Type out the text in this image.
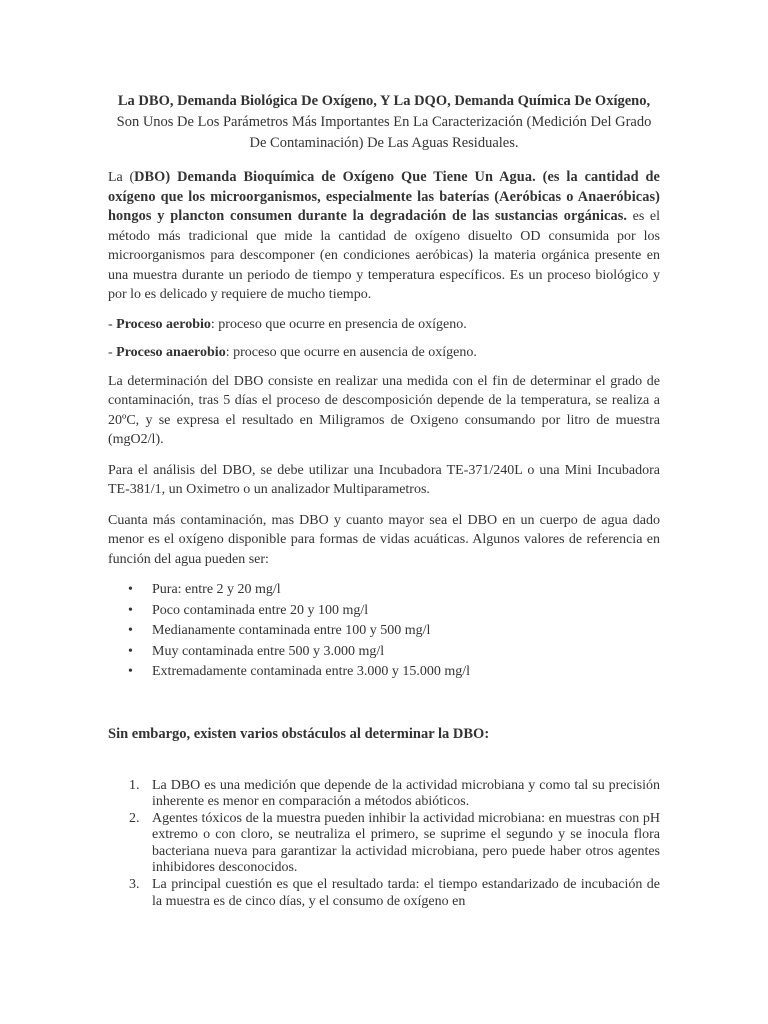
La DBO, Demanda Biológica De Oxígeno, Y La DQO, Demanda Química De Oxígeno,
Son Unos De Los Parámetros Más Importantes En La Caracterización (Medición Del Grado De Contaminación) De Las Aguas Residuales.

La (DBO) Demanda Bioquímica de Oxígeno Que Tiene Un Agua. (es la cantidad de oxígeno que los microorganismos, especialmente las baterías (Aeróbicas o Anaeróbicas) hongos y plancton consumen durante la degradación de las sustancias orgánicas. es el método más tradicional que mide la cantidad de oxígeno disuelto OD consumida por los microorganismos para descomponer (en condiciones aeróbicas) la materia orgánica presente en una muestra durante un periodo de tiempo y temperatura específicos. Es un proceso biológico y por lo es delicado y requiere de mucho tiempo.

- Proceso aerobio: proceso que ocurre en presencia de oxígeno.

- Proceso anaerobio: proceso que ocurre en ausencia de oxígeno.

La determinación del DBO consiste en realizar una medida con el fin de determinar el grado de contaminación, tras 5 días el proceso de descomposición depende de la temperatura, se realiza a 20ºC, y se expresa el resultado en Miligramos de Oxigeno consumando por litro de muestra (mgO2/l).

Para el análisis del DBO, se debe utilizar una Incubadora TE-371/240L o una Mini Incubadora TE-381/1, un Oximetro o un analizador Multiparametros.

Cuanta más contaminación, mas DBO y cuanto mayor sea el DBO en un cuerpo de agua dado menor es el oxígeno disponible para formas de vidas acuáticas. Algunos valores de referencia en función del agua pueden ser:

• Pura: entre 2 y 20 mg/l
• Poco contaminada entre 20 y 100 mg/l
• Medianamente contaminada entre 100 y 500 mg/l
• Muy contaminada entre 500 y 3.000 mg/l
• Extremadamente contaminada entre 3.000 y 15.000 mg/l
Sin embargo, existen varios obstáculos al determinar la DBO:
1. La DBO es una medición que depende de la actividad microbiana y como tal su precisión inherente es menor en comparación a métodos abióticos.
2. Agentes tóxicos de la muestra pueden inhibir la actividad microbiana: en muestras con pH extremo o con cloro, se neutraliza el primero, se suprime el segundo y se inocula flora bacteriana nueva para garantizar la actividad microbiana, pero puede haber otros agentes inhibidores desconocidos.
3. La principal cuestión es que el resultado tarda: el tiempo estandarizado de incubación de la muestra es de cinco días, y el consumo de oxígeno en
